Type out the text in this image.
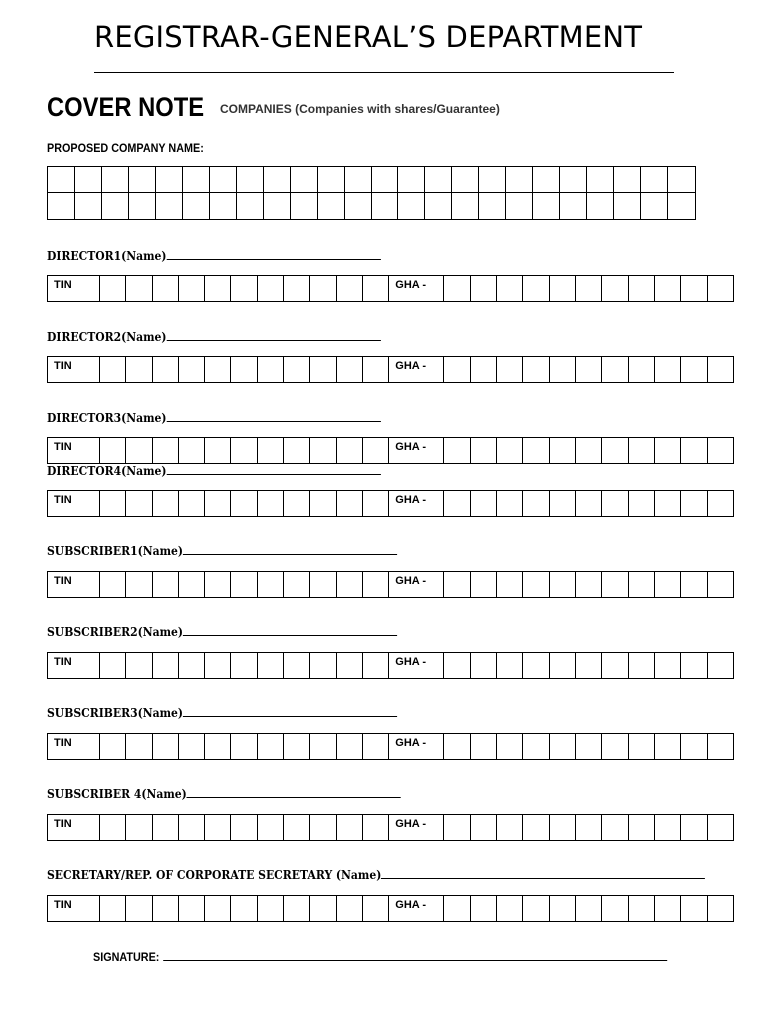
REGISTRAR-GENERAL’S DEPARTMENT
COVER NOTE COMPANIES (Companies with shares/Guarantee)
PROPOSED COMPANY NAME:
DIRECTOR1(Name)
TIN	GHA -
DIRECTOR2(Name)
TIN	GHA -
DIRECTOR3(Name)
TIN	GHA -
DIRECTOR4(Name)
TIN	GHA -
SUBSCRIBER1(Name)
TIN	GHA -
SUBSCRIBER2(Name)
TIN	GHA -
SUBSCRIBER3(Name)
TIN	GHA -
SUBSCRIBER 4(Name)
TIN	GHA -
SECRETARY/REP. OF CORPORATE SECRETARY (Name)
TIN	GHA -
SIGNATURE:
